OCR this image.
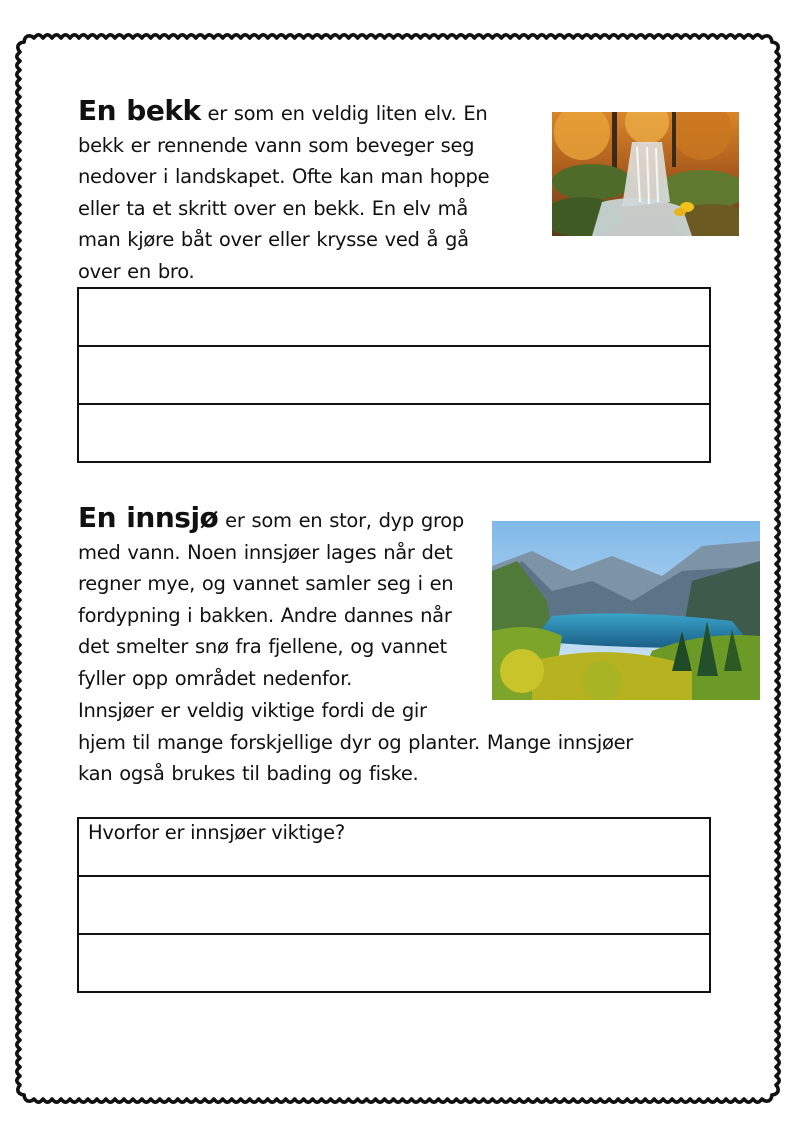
En bekk er som en veldig liten elv. En
bekk er rennende vann som beveger seg
nedover i landskapet. Ofte kan man hoppe
eller ta et skritt over en bekk. En elv må
man kjøre båt over eller krysse ved å gå
over en bro.

En innsjø er som en stor, dyp grop
med vann. Noen innsjøer lages når det
regner mye, og vannet samler seg i en
fordypning i bakken. Andre dannes når
det smelter snø fra fjellene, og vannet
fyller opp området nedenfor.

Innsjøer er veldig viktige fordi de gir
hjem til mange forskjellige dyr og planter. Mange innsjøer
kan også brukes til bading og fiske.

Hvorfor er innsjøer viktige?
